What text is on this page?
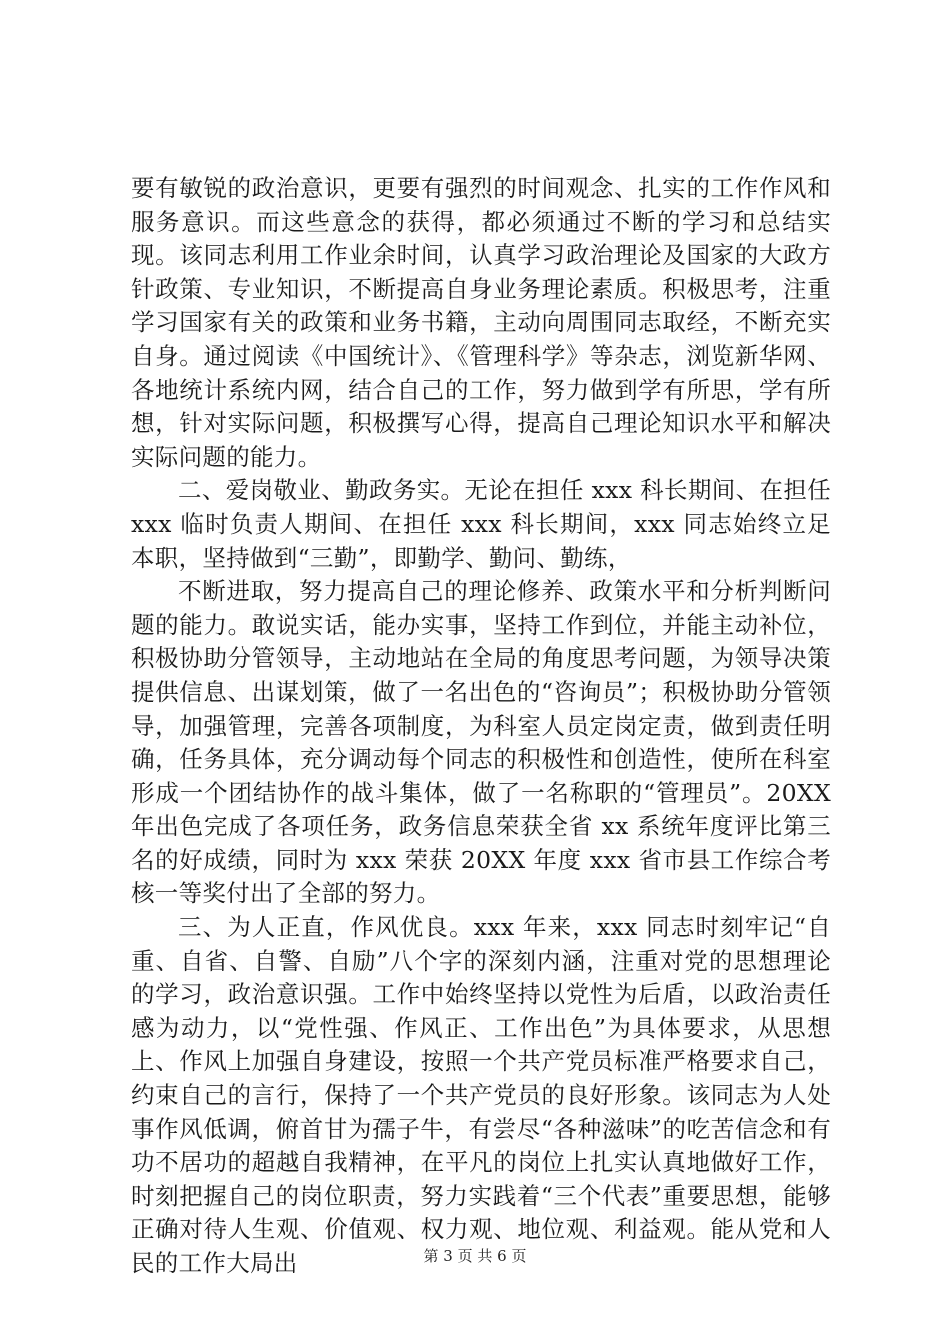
要有敏锐的政治意识，更要有强烈的时间观念、扎实的工作作风和服务意识。而这些意念的获得，都必须通过不断的学习和总结实现。该同志利用工作业余时间，认真学习政治理论及国家的大政方针政策、专业知识，不断提高自身业务理论素质。积极思考，注重学习国家有关的政策和业务书籍，主动向周围同志取经，不断充实自身。通过阅读《中国统计》、《管理科学》等杂志，浏览新华网、各地统计系统内网，结合自己的工作，努力做到学有所思，学有所想，针对实际问题，积极撰写心得，提高自己理论知识水平和解决实际问题的能力。

二、爱岗敬业、勤政务实。无论在担任 xxx 科长期间、在担任 xxx 临时负责人期间、在担任 xxx 科长期间，xxx 同志始终立足本职，坚持做到“三勤”，即勤学、勤问、勤练，

不断进取，努力提高自己的理论修养、政策水平和分析判断问题的能力。敢说实话，能办实事，坚持工作到位，并能主动补位，积极协助分管领导，主动地站在全局的角度思考问题，为领导决策提供信息、出谋划策，做了一名出色的“咨询员”；积极协助分管领导，加强管理，完善各项制度，为科室人员定岗定责，做到责任明确，任务具体，充分调动每个同志的积极性和创造性，使所在科室形成一个团结协作的战斗集体，做了一名称职的“管理员”。20XX 年出色完成了各项任务，政务信息荣获全省 xx 系统年度评比第三名的好成绩，同时为 xxx 荣获 20XX 年度 xxx 省市县工作综合考核一等奖付出了全部的努力。

三、为人正直，作风优良。xxx 年来，xxx 同志时刻牢记“自重、自省、自警、自励”八个字的深刻内涵，注重对党的思想理论的学习，政治意识强。工作中始终坚持以党性为后盾，以政治责任感为动力，以“党性强、作风正、工作出色”为具体要求，从思想上、作风上加强自身建设，按照一个共产党员标准严格要求自己，约束自己的言行，保持了一个共产党员的良好形象。该同志为人处事作风低调，俯首甘为孺子牛，有尝尽“各种滋味”的吃苦信念和有功不居功的超越自我精神，在平凡的岗位上扎实认真地做好工作，时刻把握自己的岗位职责，努力实践着“三个代表”重要思想，能够正确对待人生观、价值观、权力观、地位观、利益观。能从党和人民的工作大局出	第 3 页 共 6 页
